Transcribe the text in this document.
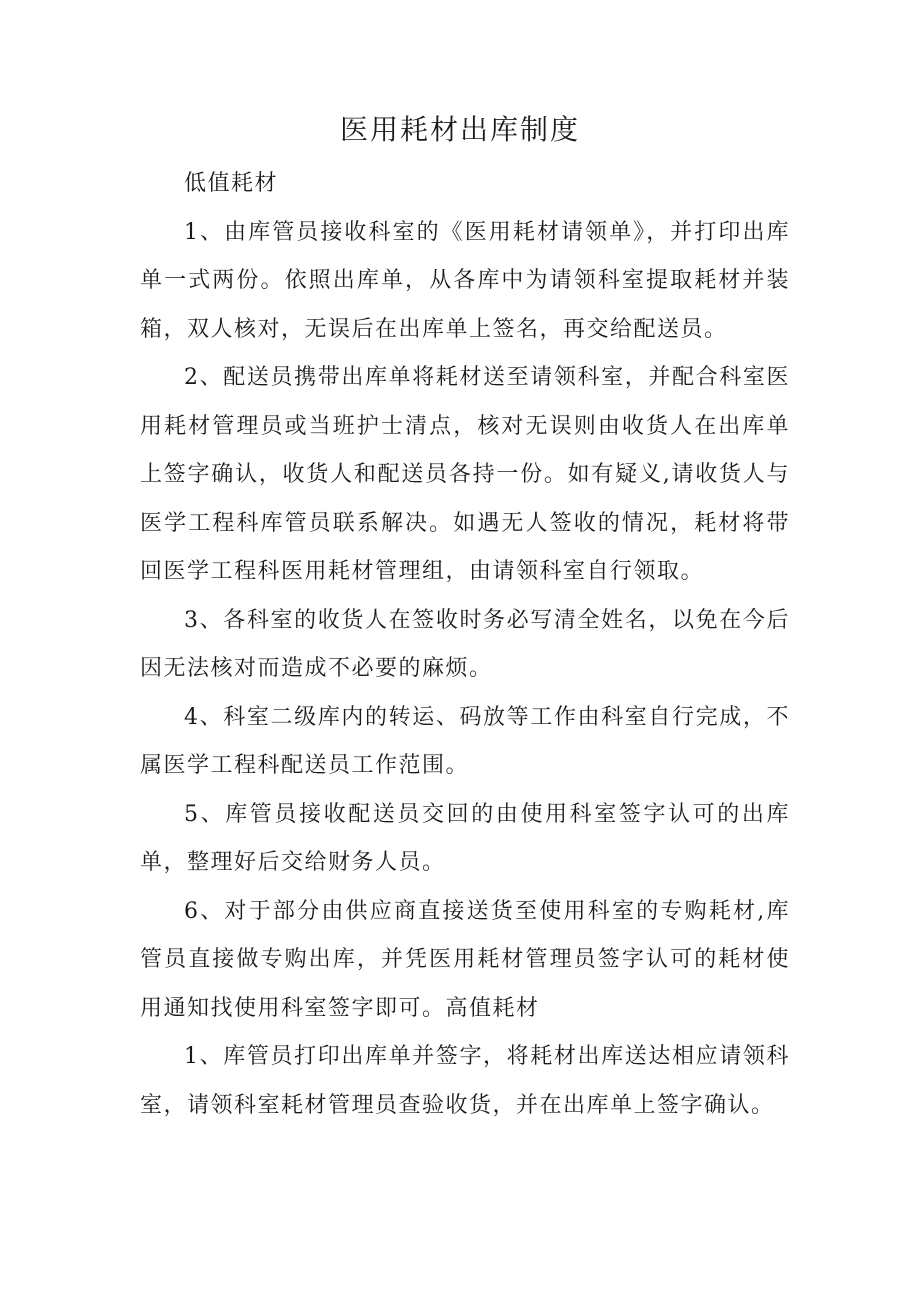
医用耗材出库制度

低值耗材

1、由库管员接收科室的《医用耗材请领单》，并打印出库单一式两份。依照出库单，从各库中为请领科室提取耗材并装箱，双人核对，无误后在出库单上签名，再交给配送员。

2、配送员携带出库单将耗材送至请领科室，并配合科室医用耗材管理员或当班护士清点，核对无误则由收货人在出库单上签字确认，收货人和配送员各持一份。如有疑义,请收货人与医学工程科库管员联系解决。如遇无人签收的情况，耗材将带回医学工程科医用耗材管理组，由请领科室自行领取。

3、各科室的收货人在签收时务必写清全姓名，以免在今后因无法核对而造成不必要的麻烦。

4、科室二级库内的转运、码放等工作由科室自行完成，不属医学工程科配送员工作范围。

5、库管员接收配送员交回的由使用科室签字认可的出库单，整理好后交给财务人员。

6、对于部分由供应商直接送货至使用科室的专购耗材,库管员直接做专购出库，并凭医用耗材管理员签字认可的耗材使用通知找使用科室签字即可。高值耗材

1、库管员打印出库单并签字，将耗材出库送达相应请领科室，请领科室耗材管理员查验收货，并在出库单上签字确认。
